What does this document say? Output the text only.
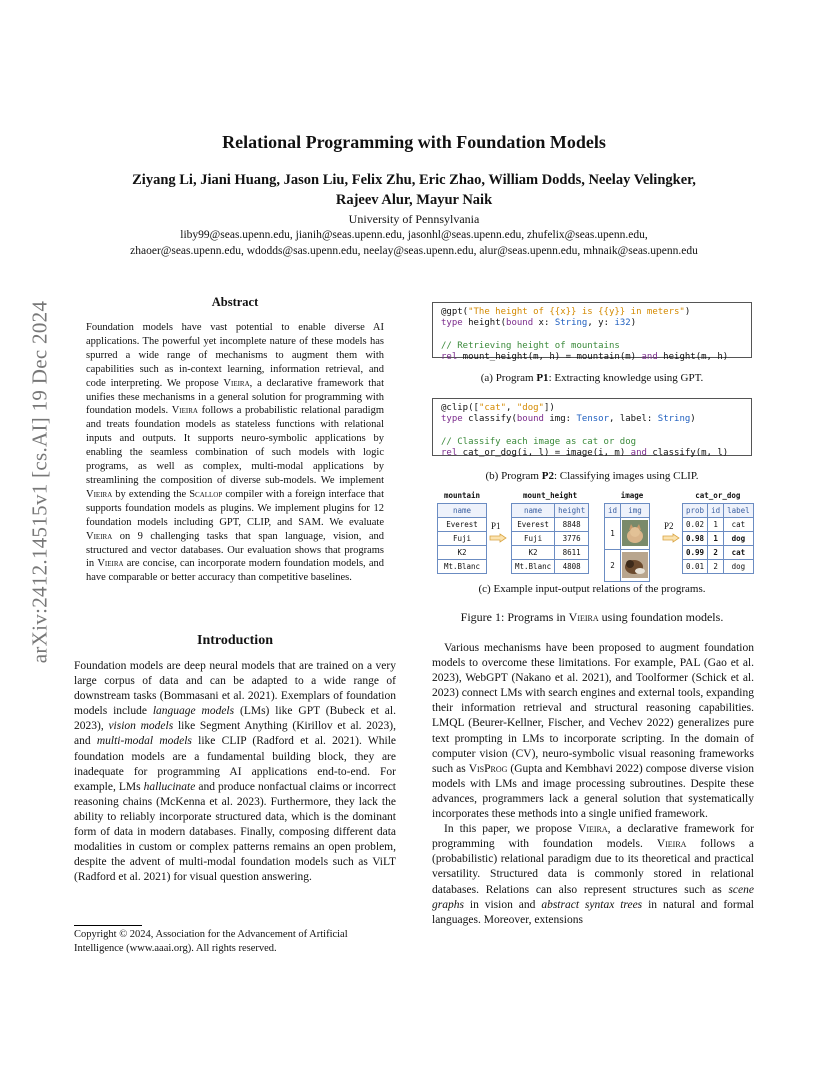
arXiv:2412.14515v1 [cs.AI] 19 Dec 2024
Relational Programming with Foundation Models
Ziyang Li, Jiani Huang, Jason Liu, Felix Zhu, Eric Zhao, William Dodds, Neelay Velingker,
Rajeev Alur, Mayur Naik
University of Pennsylvania
liby99@seas.upenn.edu, jianih@seas.upenn.edu, jasonhl@seas.upenn.edu, zhufelix@seas.upenn.edu,
zhaoer@seas.upenn.edu, wdodds@sas.upenn.edu, neelay@seas.upenn.edu, alur@seas.upenn.edu, mhnaik@seas.upenn.edu
Abstract
Foundation models have vast potential to enable diverse AI applications. The powerful yet incomplete nature of these models has spurred a wide range of mechanisms to augment them with capabilities such as in-context learning, information retrieval, and code interpreting. We propose Vieira, a declarative framework that unifies these mechanisms in a general solution for programming with foundation models. Vieira follows a probabilistic relational paradigm and treats foundation models as stateless functions with relational inputs and outputs. It supports neuro-symbolic applications by enabling the seamless combination of such models with logic programs, as well as complex, multi-modal applications by streamlining the composition of diverse sub-models. We implement Vieira by extending the Scallop compiler with a foreign interface that supports foundation models as plugins. We implement plugins for 12 foundation models including GPT, CLIP, and SAM. We evaluate Vieira on 9 challenging tasks that span language, vision, and structured and vector databases. Our evaluation shows that programs in Vieira are concise, can incorporate modern foundation models, and have comparable or better accuracy than competitive baselines.
Introduction
Foundation models are deep neural models that are trained on a very large corpus of data and can be adapted to a wide range of downstream tasks (Bommasani et al. 2021). Exemplars of foundation models include language models (LMs) like GPT (Bubeck et al. 2023), vision models like Segment Anything (Kirillov et al. 2023), and multi-modal models like CLIP (Radford et al. 2021). While foundation models are a fundamental building block, they are inadequate for programming AI applications end-to-end. For example, LMs hallucinate and produce nonfactual claims or incorrect reasoning chains (McKenna et al. 2023). Furthermore, they lack the ability to reliably incorporate structured data, which is the dominant form of data in modern databases. Finally, composing different data modalities in custom or complex patterns remains an open problem, despite the advent of multi-modal foundation models such as ViLT (Radford et al. 2021) for visual question answering.
Copyright © 2024, Association for the Advancement of Artificial Intelligence (www.aaai.org). All rights reserved.
@gpt("The height of {{x}} is {{y}} in meters")
type height(bound x: String, y: i32)

// Retrieving height of mountains
rel mount_height(m, h) = mountain(m) and height(m, h)
(a) Program P1: Extracting knowledge using GPT.
@clip(["cat", "dog"])
type classify(bound img: Tensor, label: String)

// Classify each image as cat or dog
rel cat_or_dog(i, l) = image(i, m) and classify(m, l)
(b) Program P2: Classifying images using CLIP.
mountain
name
Everest
Fuji
K2
Mt.Blanc
P1
mount_height
name	height
Everest	8848
Fuji	3776
K2	8611
Mt.Blanc	4808
image
id	img
1	
2	
P2
cat_or_dog
prob	id	label
0.02	1	cat
0.98	1	dog
0.99	2	cat
0.01	2	dog
(c) Example input-output relations of the programs.
Figure 1: Programs in Vieira using foundation models.

Various mechanisms have been proposed to augment foundation models to overcome these limitations. For example, PAL (Gao et al. 2023), WebGPT (Nakano et al. 2021), and Toolformer (Schick et al. 2023) connect LMs with search engines and external tools, expanding their information retrieval and structural reasoning capabilities. LMQL (Beurer-Kellner, Fischer, and Vechev 2022) generalizes pure text prompting in LMs to incorporate scripting. In the domain of computer vision (CV), neuro-symbolic visual reasoning frameworks such as VisProg (Gupta and Kembhavi 2022) compose diverse vision models with LMs and image processing subroutines. Despite these advances, programmers lack a general solution that systematically incorporates these methods into a single unified framework.

In this paper, we propose Vieira, a declarative framework for programming with foundation models. Vieira follows a (probabilistic) relational paradigm due to its theoretical and practical versatility. Structured data is commonly stored in relational databases. Relations can also represent structures such as scene graphs in vision and abstract syntax trees in natural and formal languages. Moreover, extensions
